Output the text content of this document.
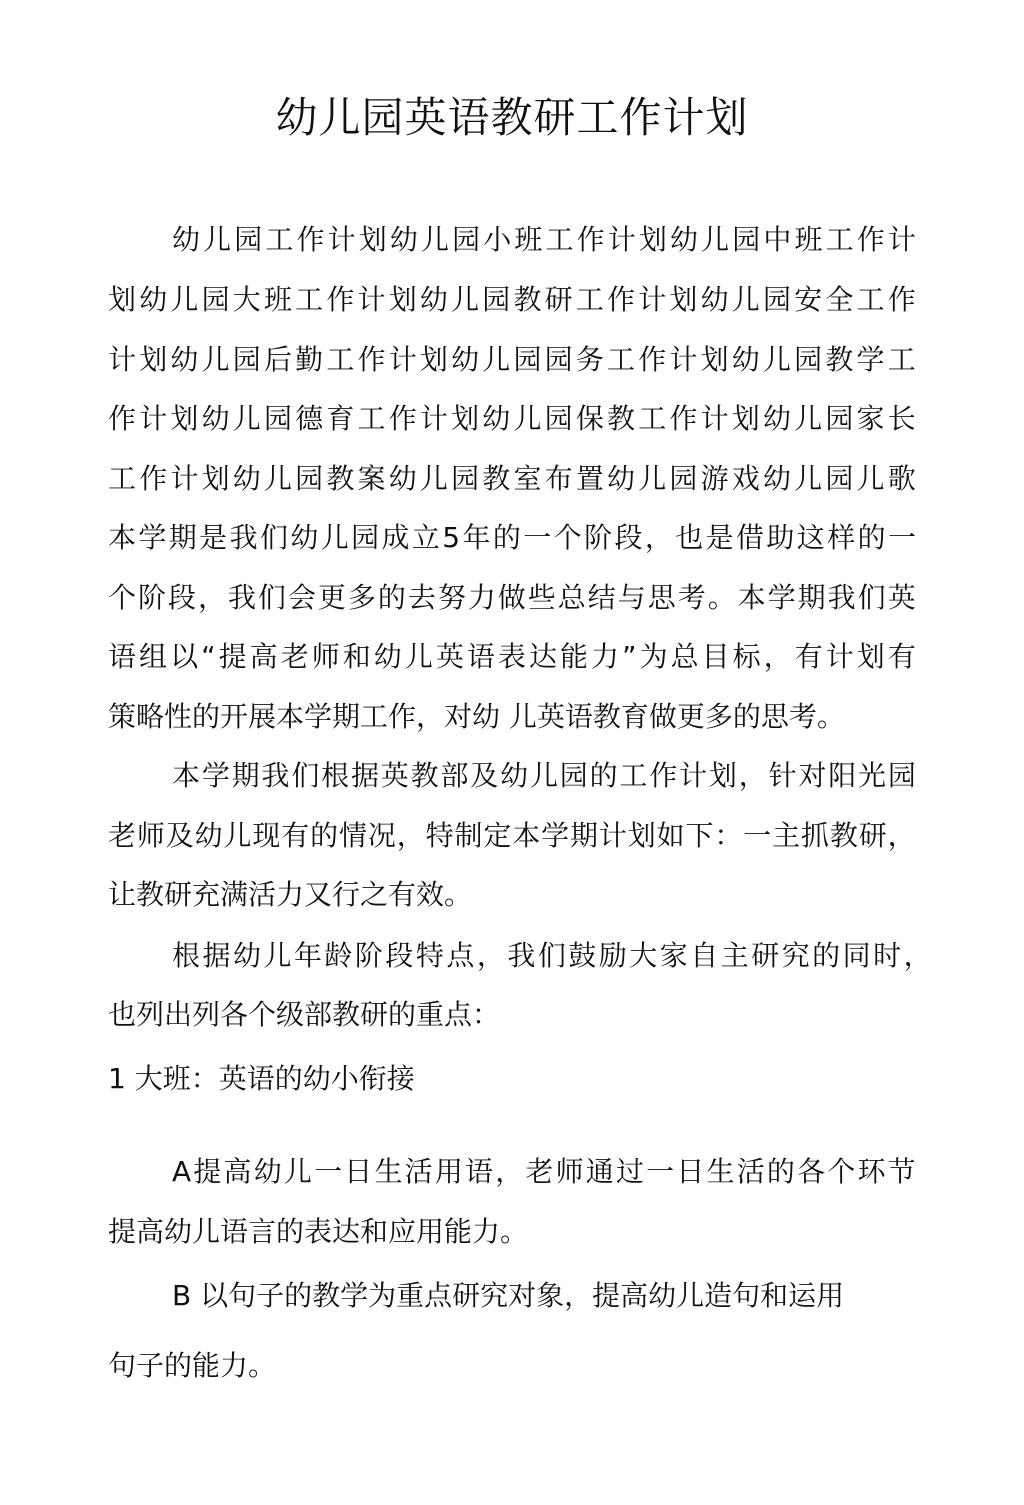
幼儿园英语教研工作计划
幼 儿 园 工 作 计 划 幼 儿 园 小 班 工 作 计 划 幼 儿 园 中 班 工 作 计
划 幼 儿 园 大 班 工 作 计 划 幼 儿 园 教 研 工 作 计 划 幼 儿 园 安 全 工 作
计 划 幼 儿 园 后 勤 工 作 计 划 幼 儿 园 园 务 工 作 计 划 幼 儿 园 教 学 工
作 计 划 幼 儿 园 德 育 工 作 计 划 幼 儿 园 保 教 工 作 计 划 幼 儿 园 家 长
工 作 计 划 幼 儿 园 教 案 幼 儿 园 教 室 布 置 幼 儿 园 游 戏 幼 儿 园 儿 歌
本 学 期 是 我 们 幼 儿 园 成 立 5 年 的 一 个 阶 段 ， 也 是 借 助 这 样 的 一
个 阶 段 ， 我 们 会 更 多 的 去 努 力 做 些 总 结 与 思 考 。 本 学 期 我 们 英
语 组 以 “ 提 高 老 师 和 幼 儿 英 语 表 达 能 力 ” 为 总 目 标 ， 有 计 划 有
策略性的开展本学期工作，对幼 儿英语教育做更多的思考。
本 学 期 我 们 根 据 英 教 部 及 幼 儿 园 的 工 作 计 划 ， 针 对 阳 光 园
老 师 及 幼 儿 现 有 的 情 况 ， 特 制 定 本 学 期 计 划 如 下 ： 一 主 抓 教 研 ，
让教研充满活力又行之有效。
根 据 幼 儿 年 龄 阶 段 特 点 ， 我 们 鼓 励 大 家 自 主 研 究 的 同 时 ，
也列出列各个级部教研的重点：
1 大班：英语的幼小衔接
A 提 高 幼 儿 一 日 生 活 用 语 ， 老 师 通 过 一 日 生 活 的 各 个 环 节
提高幼儿语言的表达和应用能力。
B 以句子的教学为重点研究对象，提高幼儿造句和运用
句子的能力。
